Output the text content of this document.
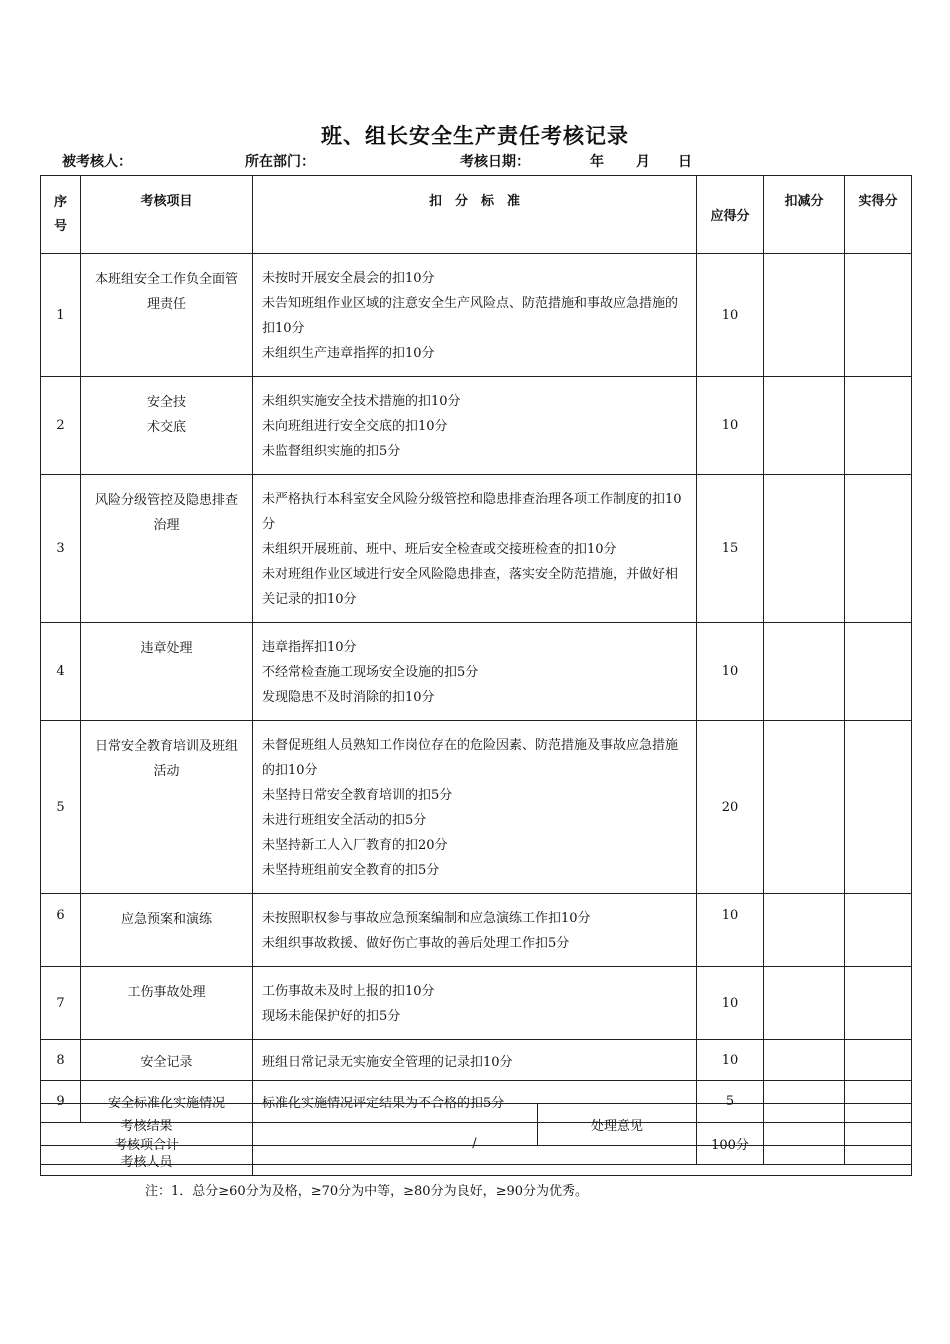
班、组长安全生产责任考核记录
被考核人：	所在部门：	考核日期：	年 月 日
序号	考核项目	扣　分　标　准	应得分	扣减分	实得分
1	本班组安全工作负全面管理责任	未按时开展安全晨会的扣10分
未告知班组作业区域的注意安全生产风险点、防范措施和事故应急措施的扣10分
未组织生产违章指挥的扣10分	10		
2	安全技术交底	未组织实施安全技术措施的扣10分
未向班组进行安全交底的扣10分
未监督组织实施的扣5分	10		
3	风险分级管控及隐患排查治理	未严格执行本科室安全风险分级管控和隐患排查治理各项工作制度的扣10分
未组织开展班前、班中、班后安全检查或交接班检查的扣10分
未对班组作业区域进行安全风险隐患排查，落实安全防范措施，并做好相关记录的扣10分	15		
4	违章处理	违章指挥扣10分
不经常检查施工现场安全设施的扣5分
发现隐患不及时消除的扣10分	10		
5	日常安全教育培训及班组活动	未督促班组人员熟知工作岗位存在的危险因素、防范措施及事故应急措施的扣10分
未坚持日常安全教育培训的扣5分
未进行班组安全活动的扣5分
未坚持新工人入厂教育的扣20分
未坚持班组前安全教育的扣5分	20		
6	应急预案和演练	未按照职权参与事故应急预案编制和应急演练工作扣10分
未组织事故救援、做好伤亡事故的善后处理工作扣5分	10		
7	工伤事故处理	工伤事故未及时上报的扣10分
现场未能保护好的扣5分	10		
8	安全记录	班组日常记录无实施安全管理的记录扣10分	10		
9	安全标准化实施情况	标准化实施情况评定结果为不合格的扣5分	5		
考核项合计		/	100分		
考核结果		处理意见	
考核人员			
注：1．总分≥60分为及格，≥70分为中等，≥80分为良好，≥90分为优秀。
